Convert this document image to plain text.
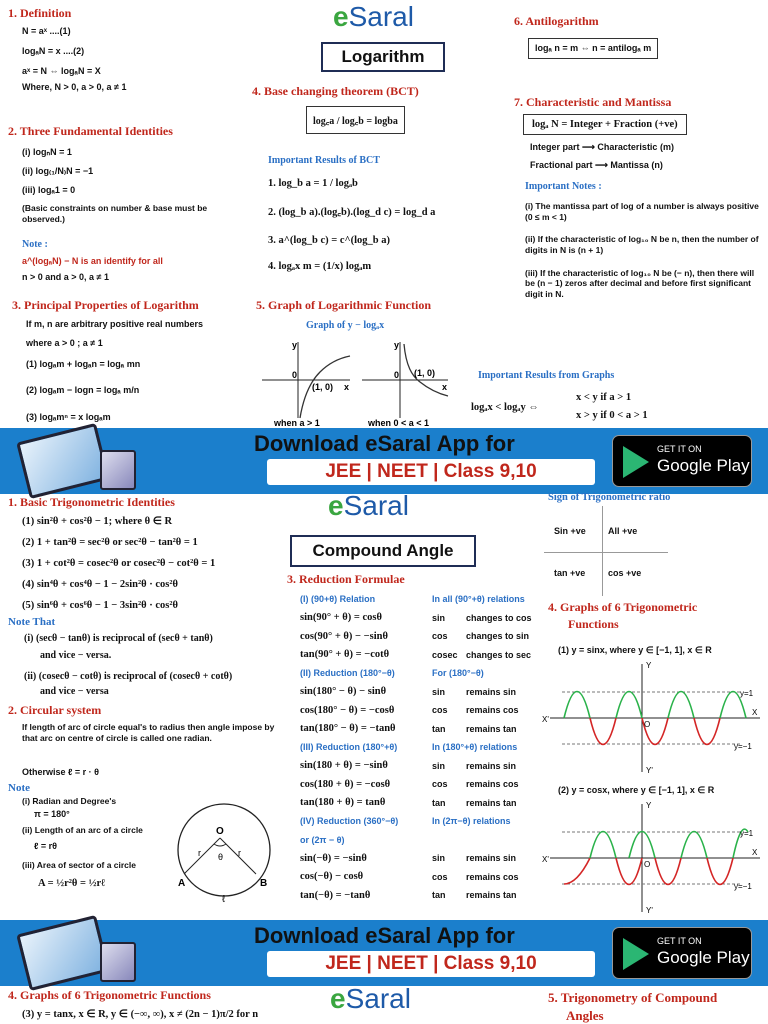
1. Definition
N = aˣ ....(1)
logₐN = x ....(2)
aˣ = N ⇔ logₐN = X
Where, N > 0, a > 0, a ≠ 1
2. Three Fundamental Identities
(i) logₙN = 1
(ii) log₍₁/N₎N = −1
(iii) logₐ1 = 0
(Basic constraints on number & base must be observed.)
Note :
a^(logₐN) − N is an identify for all
n > 0 and a > 0, a ≠ 1
3. Principal Properties of Logarithm
If m, n are arbitrary positive real numbers
where a > 0 ; a ≠ 1
(1) logₐm + logₐn = logₐ mn
(2) logₐm − logn = logₐ m/n
(3) logₐmⁿ = x logₐm
eSaral
Logarithm
4. Base changing theorem (BCT)
log꜀a / log꜀b = logba
Important Results of BCT
1. log_b a = 1 / logₐb
2. (log_b a).(log꜀b).(log_d c) = log_d a
3. a^(log_b c) = c^(log_b a)
4. logₐx m = (1/x) logₐm
5. Graph of Logarithmic Function
Graph of y − logₐx
y
0
(1, 0) x
y
0 (1, 0)
x
when a > 1	when 0 < a < 1
6. Antilogarithm
logₐ n = m ⇔ n = antilogₐ m
7. Characteristic and Mantissa
logₐ N = Integer + Fraction (+ve)
Integer part ⟶ Characteristic (m)
Fractional part ⟶ Mantissa (n)
Important Notes :
(i) The mantissa part of log of a number is always positive (0 ≤ m < 1)
(ii) If the characteristic of log₁₀ N be n, then the number of digits in N is (n + 1)
(iii) If the characteristic of log₁₀ N be (− n), then there will be (n − 1) zeros after decimal and before first significant digit in N.
Important Results from Graphs
logₐx < logₐy ⇔
x < y if a > 1
x > y if 0 < a > 1
Download eSaral App for
JEE | NEET | Class 9,10
GET IT ON
Google Play
1. Basic Trigonometric Identities
(1) sin²θ + cos²θ − 1; where θ ∈ R
(2) 1 + tan²θ = sec²θ or sec²θ − tan²θ = 1
(3) 1 + cot²θ = cosec²θ or cosec²θ − cot²θ = 1
(4) sin⁴θ + cos⁴θ − 1 − 2sin²θ · cos²θ
(5) sin⁶θ + cos⁶θ − 1 − 3sin²θ · cos²θ
Note That
(i) (secθ − tanθ) is reciprocal of (secθ + tanθ)
and vice − versa.
(ii) (cosecθ − cotθ) is reciprocal of (cosecθ + cotθ)
and vice − versa
2. Circular system
If length of arc of circle equal's to radius then angle impose by that arc on centre of circle is called one radian.
Otherwise ℓ = r · θ
Note
(i) Radian and Degree's
π = 180°
(ii) Length of an arc of a circle
ℓ = rθ
(iii) Area of sector of a circle
A = ½r²θ = ½rℓ
O
r	r
θ
A	B
ℓ
eSaral
Compound Angle
3. Reduction Formulae
(I) (90+θ) Relation	In all (90°+θ) relations
sin(90° + θ) = cosθ	sin	changes to cos
cos(90° + θ) − −sinθ	cos	changes to sin
tan(90° + θ) = −cotθ	cosec changes to sec
(II) Reduction (180°−θ)	For (180°−θ)
sin(180° − θ) − sinθ	sin	remains sin
cos(180° − θ) = −cosθ	cos	remains cos
tan(180° − θ) = −tanθ	tan	remains tan
(III) Reduction (180°+θ)	In (180°+θ) relations
sin(180 + θ) = −sinθ	sin	remains sin
cos(180 + θ) = −cosθ	cos	remains cos
tan(180 + θ) = tanθ	tan	remains tan
(IV) Reduction (360°−θ)	In (2π−θ) relations
or (2π − θ)
sin(−θ) = −sinθ	sin	remains sin
cos(−θ) − cosθ	cos	remains cos
tan(−θ) = −tanθ	tan	remains tan
Sign of Trigonometric ratio
Sin +ve All +ve
tan +ve	cos +ve
4. Graphs of 6 Trigonometric
Functions
(1) y = sinx, where y ∈ [−1, 1], x ∈ R
Y
Y'
X'
X
O
y=1
y=−1
(2) y = cosx, where y ∈ [−1, 1], x ∈ R
Y
Y'
X'
X
O
y=1
y=−1
Download eSaral App for
JEE | NEET | Class 9,10
GET IT ON
Google Play
4. Graphs of 6 Trigonometric Functions
(3) y = tanx, x ∈ R, y ∈ (−∞, ∞), x ≠ (2n − 1)π/2 for n
eSaral	5. Trigonometry of Compound
Angles
